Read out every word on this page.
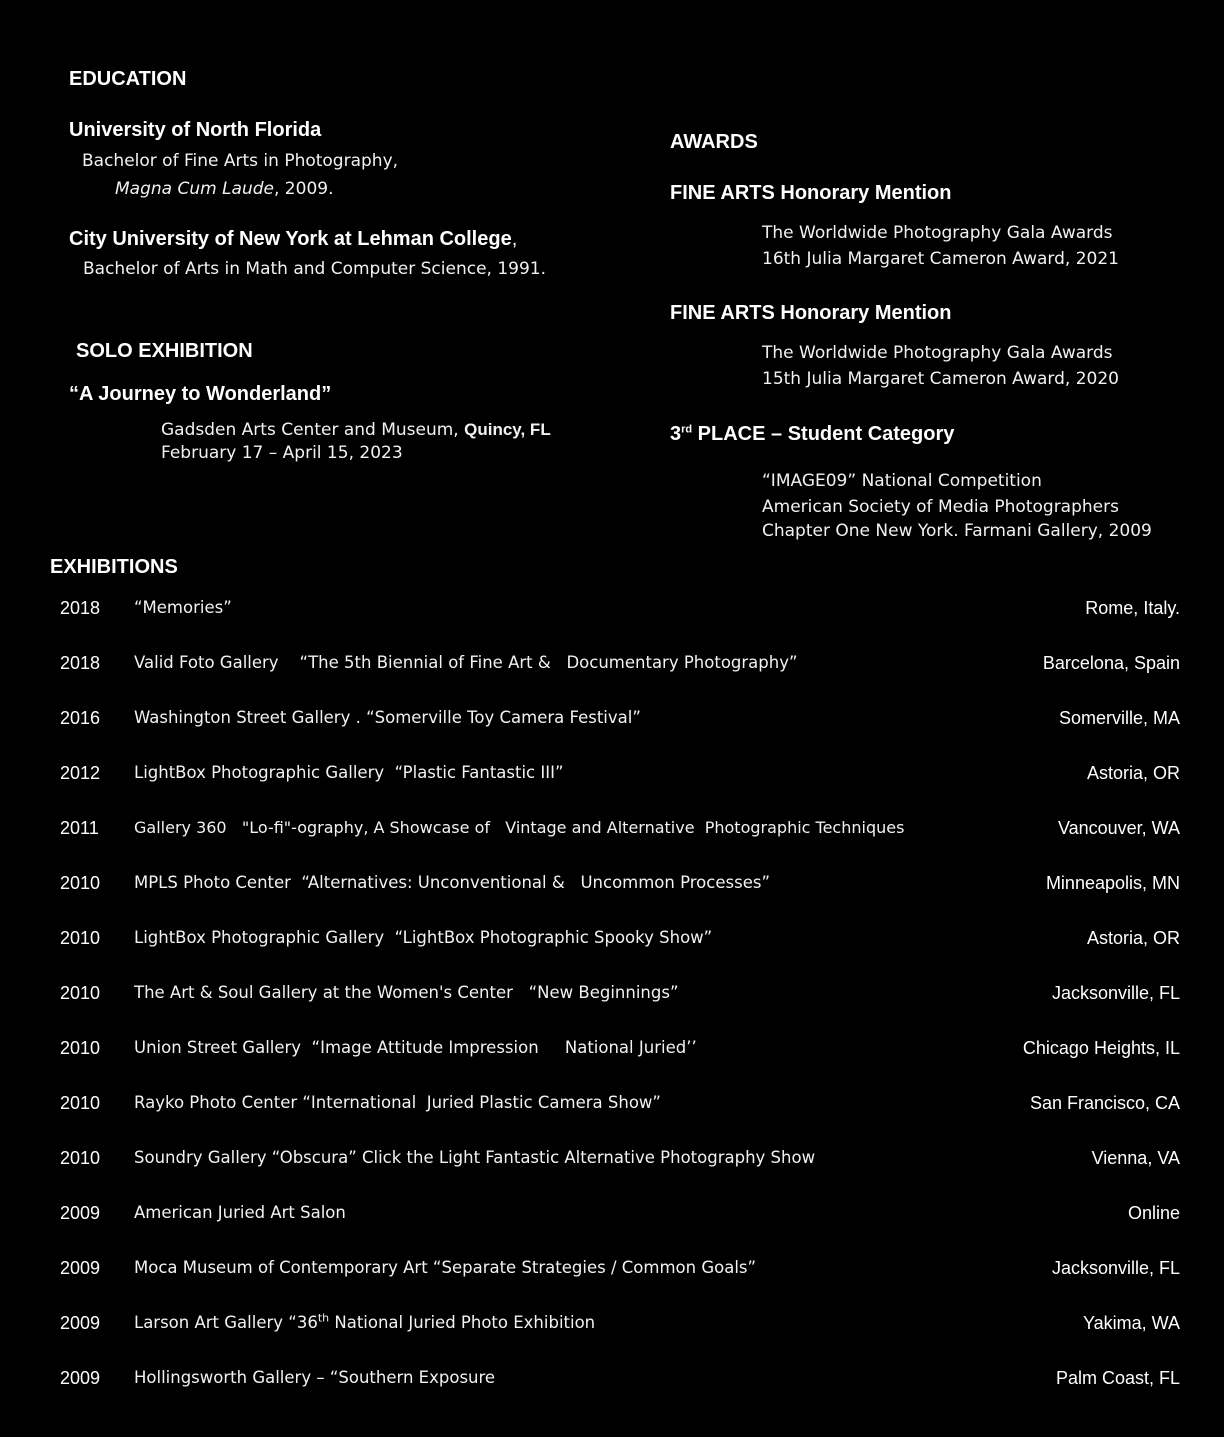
EDUCATION
University of North Florida
Bachelor of Fine Arts in Photography,
Magna Cum Laude, 2009.
City University of New York at Lehman College,
Bachelor of Arts in Math and Computer Science, 1991.
SOLO EXHIBITION
“A Journey to Wonderland”
Gadsden Arts Center and Museum, Quincy, FL
February 17 – April 15, 2023
AWARDS
FINE ARTS Honorary Mention
The Worldwide Photography Gala Awards
16th Julia Margaret Cameron Award, 2021
FINE ARTS Honorary Mention
The Worldwide Photography Gala Awards
15th Julia Margaret Cameron Award, 2020
3rd PLACE – Student Category
“IMAGE09” National Competition
American Society of Media Photographers
Chapter One New York. Farmani Gallery, 2009
EXHIBITIONS
2018 “Memories”	Rome, Italy.
2018 Valid Foto Gallery    “The 5th Biennial of Fine Art &   Documentary Photography”	Barcelona, Spain
2016 Washington Street Gallery . “Somerville Toy Camera Festival”	Somerville, MA
2012 LightBox Photographic Gallery  “Plastic Fantastic III”	Astoria, OR
2011 Gallery 360   "Lo-fi"-ography, A Showcase of   Vintage and Alternative  Photographic Techniques	Vancouver, WA
2010 MPLS Photo Center  “Alternatives: Unconventional &   Uncommon Processes”	Minneapolis, MN
2010 LightBox Photographic Gallery  “LightBox Photographic Spooky Show”	Astoria, OR
2010 The Art & Soul Gallery at the Women's Center   “New Beginnings”	Jacksonville, FL
2010 Union Street Gallery  “Image Attitude Impression     National Juried’’	Chicago Heights, IL
2010 Rayko Photo Center “International  Juried Plastic Camera Show”	San Francisco, CA
2010 Soundry Gallery “Obscura” Click the Light Fantastic Alternative Photography Show	Vienna, VA
2009 American Juried Art Salon	Online
2009 Moca Museum of Contemporary Art “Separate Strategies / Common Goals”	Jacksonville, FL
2009 Larson Art Gallery “36th National Juried Photo Exhibition	Yakima, WA
2009 Hollingsworth Gallery – “Southern Exposure	Palm Coast, FL
